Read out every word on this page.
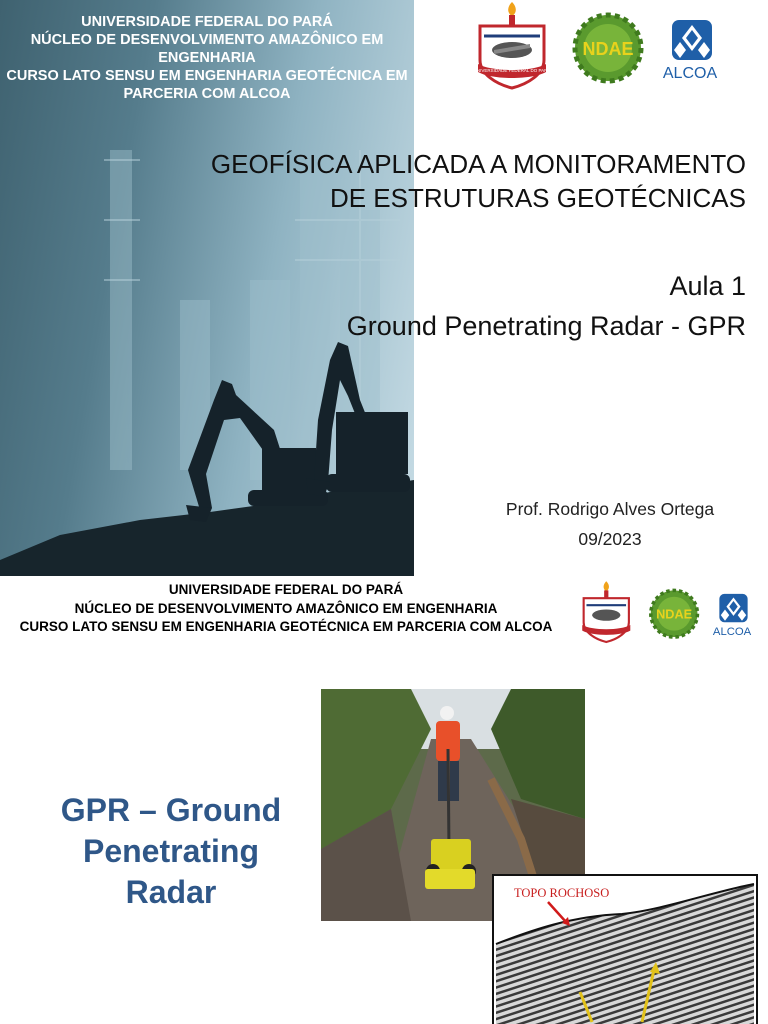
UNIVERSIDADE FEDERAL DO PARÁ
NÚCLEO DE DESENVOLVIMENTO AMAZÔNICO EM
ENGENHARIA
CURSO LATO SENSU EM ENGENHARIA GEOTÉCNICA EM
PARCERIA COM ALCOA
UNIVERSIDADE FEDERAL DO PARÁ
NDAE
ALCOA
GEOFÍSICA APLICADA A MONITORAMENTO
DE ESTRUTURAS GEOTÉCNICAS
Aula 1
Ground Penetrating Radar - GPR
Prof. Rodrigo Alves Ortega
09/2023
UNIVERSIDADE FEDERAL DO PARÁ
NÚCLEO DE DESENVOLVIMENTO AMAZÔNICO EM ENGENHARIA
CURSO LATO SENSU EM ENGENHARIA GEOTÉCNICA EM PARCERIA COM ALCOA
NDAE
ALCOA
GPR – Ground
Penetrating
Radar	TOPO ROCHOSO
